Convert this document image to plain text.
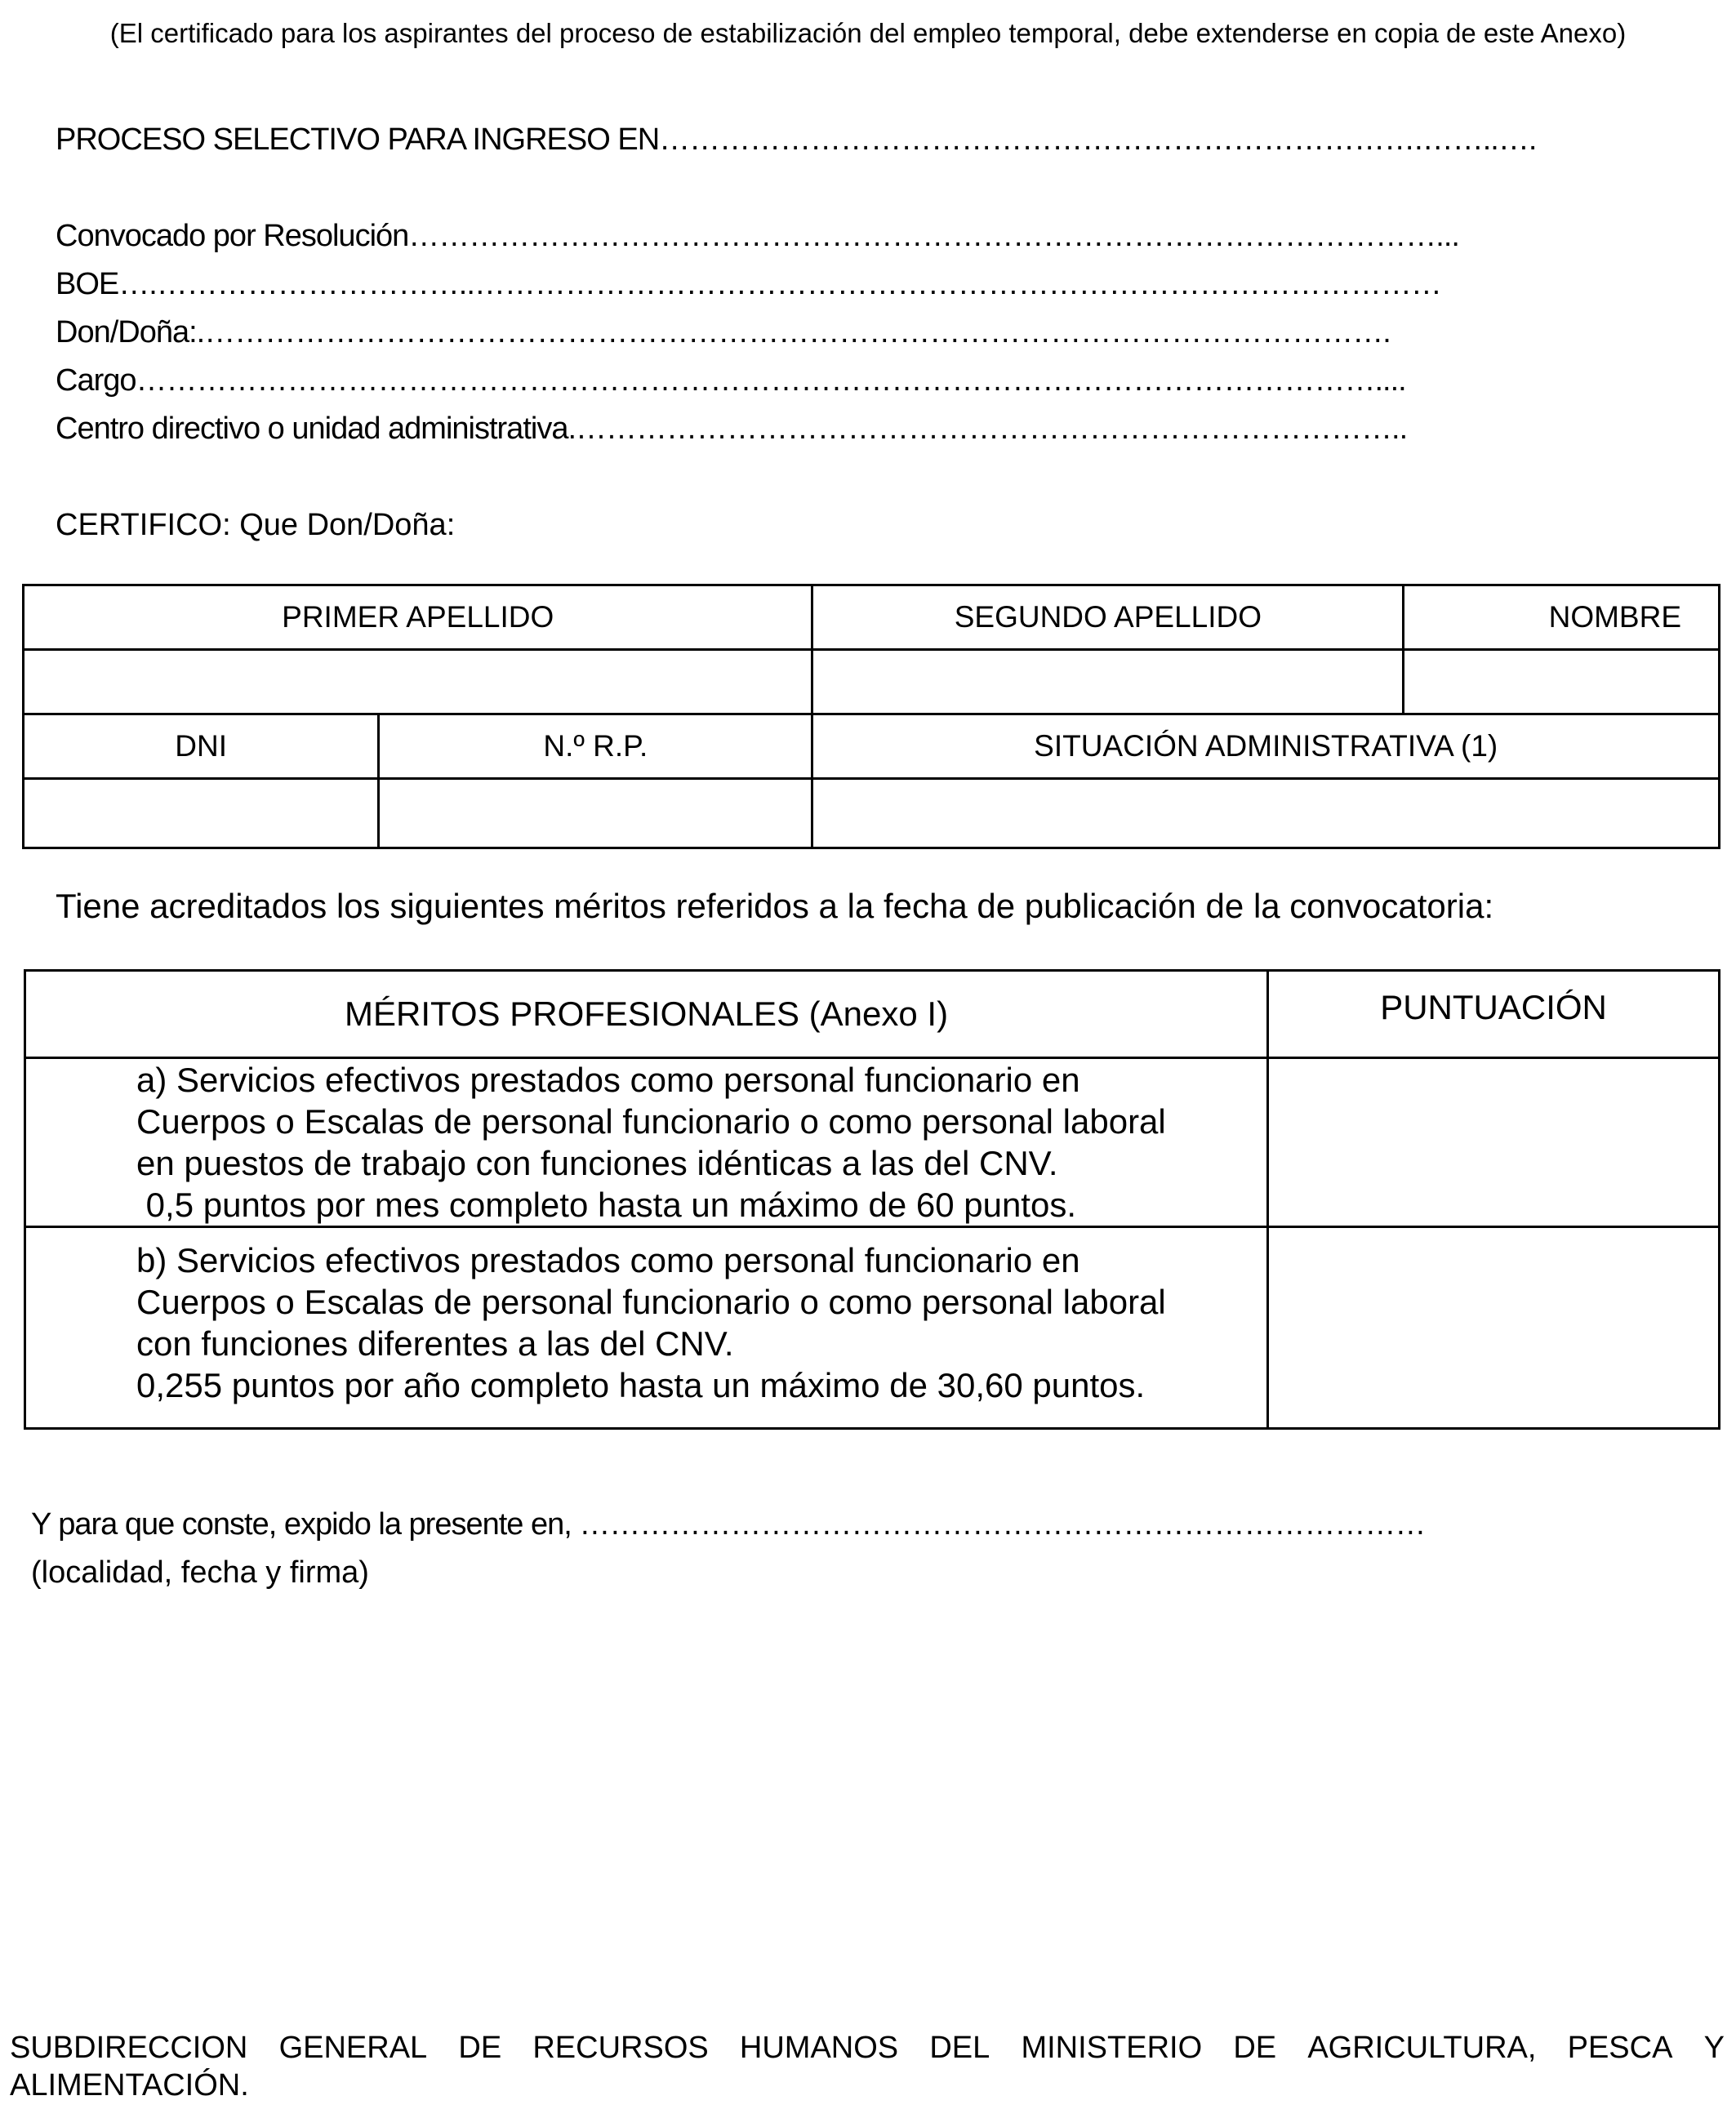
(El certificado para los aspirantes del proceso de estabilización del empleo temporal, debe extenderse en copia de este Anexo)
PROCESO SELECTIVO PARA INGRESO EN………………………………………………………………….……..….
Convocado por Resolución…………………………………………………………………………………………...
BOE….…………………………..……………………………………………………………………………………
Don/Doña:.……………………………………………………………………………………………………….
Cargo……………………………………………………………………………………………………………....
Centro directivo o unidad administrativa.………………………………………………………………………..
CERTIFICO: Que Don/Doña:
PRIMER APELLIDO		SEGUNDO APELLIDO	NOMBRE

DNI	N.º R.P.	SITUACIÓN ADMINISTRATIVA (1)	

Tiene acreditados los siguientes méritos referidos a la fecha de publicación de la convocatoria:
MÉRITOS PROFESIONALES (Anexo I)	PUNTUACIÓN

a) Servicios efectivos prestados como personal funcionario en
Cuerpos o Escalas de personal funcionario o como personal laboral
en puestos de trabajo con funciones idénticas a las del CNV.
0,5 puntos por mes completo hasta un máximo de 60 puntos.	

b) Servicios efectivos prestados como personal funcionario en
Cuerpos o Escalas de personal funcionario o como personal laboral
con funciones diferentes a las del CNV.
0,255 puntos por año completo hasta un máximo de 30,60 puntos.	

Y para que conste, expido la presente en, …………………………………………………………………………
(localidad, fecha y firma)
SUBDIRECCION GENERAL DE RECURSOS HUMANOS DEL MINISTERIO DE AGRICULTURA, PESCA Y
ALIMENTACIÓN.
